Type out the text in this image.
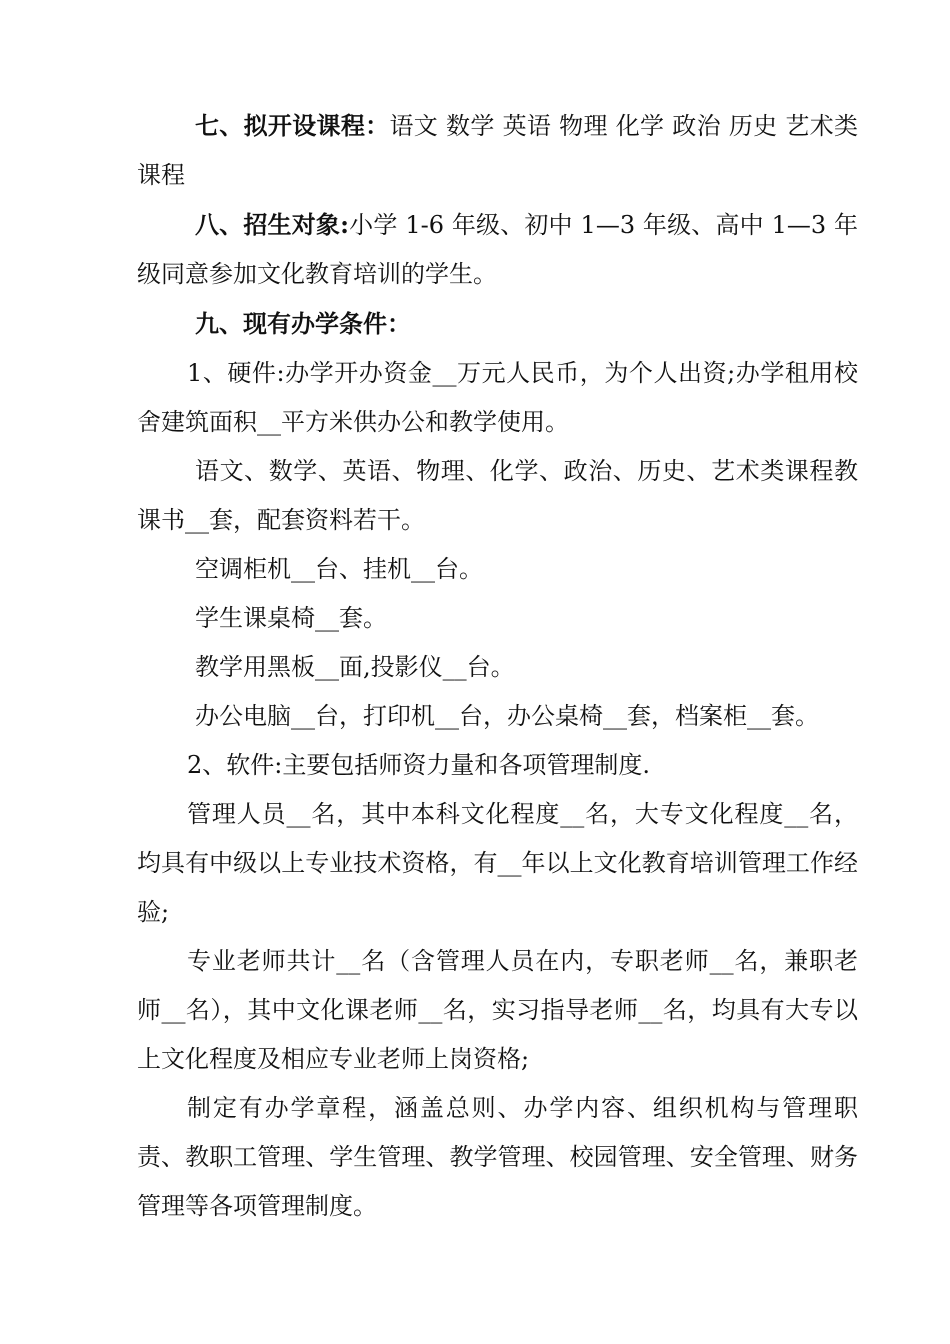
七、拟开设课程：语文 数学 英语 物理 化学 政治 历史 艺术类课程

八、招生对象:小学 1-6 年级、初中 1—3 年级、高中 1—3 年级同意参加文化教育培训的学生。

九、现有办学条件：

1、硬件:办学开办资金__万元人民币，为个人出资;办学租用校舍建筑面积__平方米供办公和教学使用。

语文、数学、英语、物理、化学、政治、历史、艺术类课程教课书__套，配套资料若干。

空调柜机__台、挂机__台。

学生课桌椅__套。

教学用黑板__面,投影仪__台。

办公电脑__台，打印机__台，办公桌椅__套，档案柜__套。

2、软件:主要包括师资力量和各项管理制度.

管理人员__名，其中本科文化程度__名，大专文化程度__名，均具有中级以上专业技术资格，有__年以上文化教育培训管理工作经验;

专业老师共计__名（含管理人员在内，专职老师__名，兼职老师__名），其中文化课老师__名，实习指导老师__名，均具有大专以上文化程度及相应专业老师上岗资格;

制定有办学章程，涵盖总则、办学内容、组织机构与管理职责、教职工管理、学生管理、教学管理、校园管理、安全管理、财务管理等各项管理制度。
